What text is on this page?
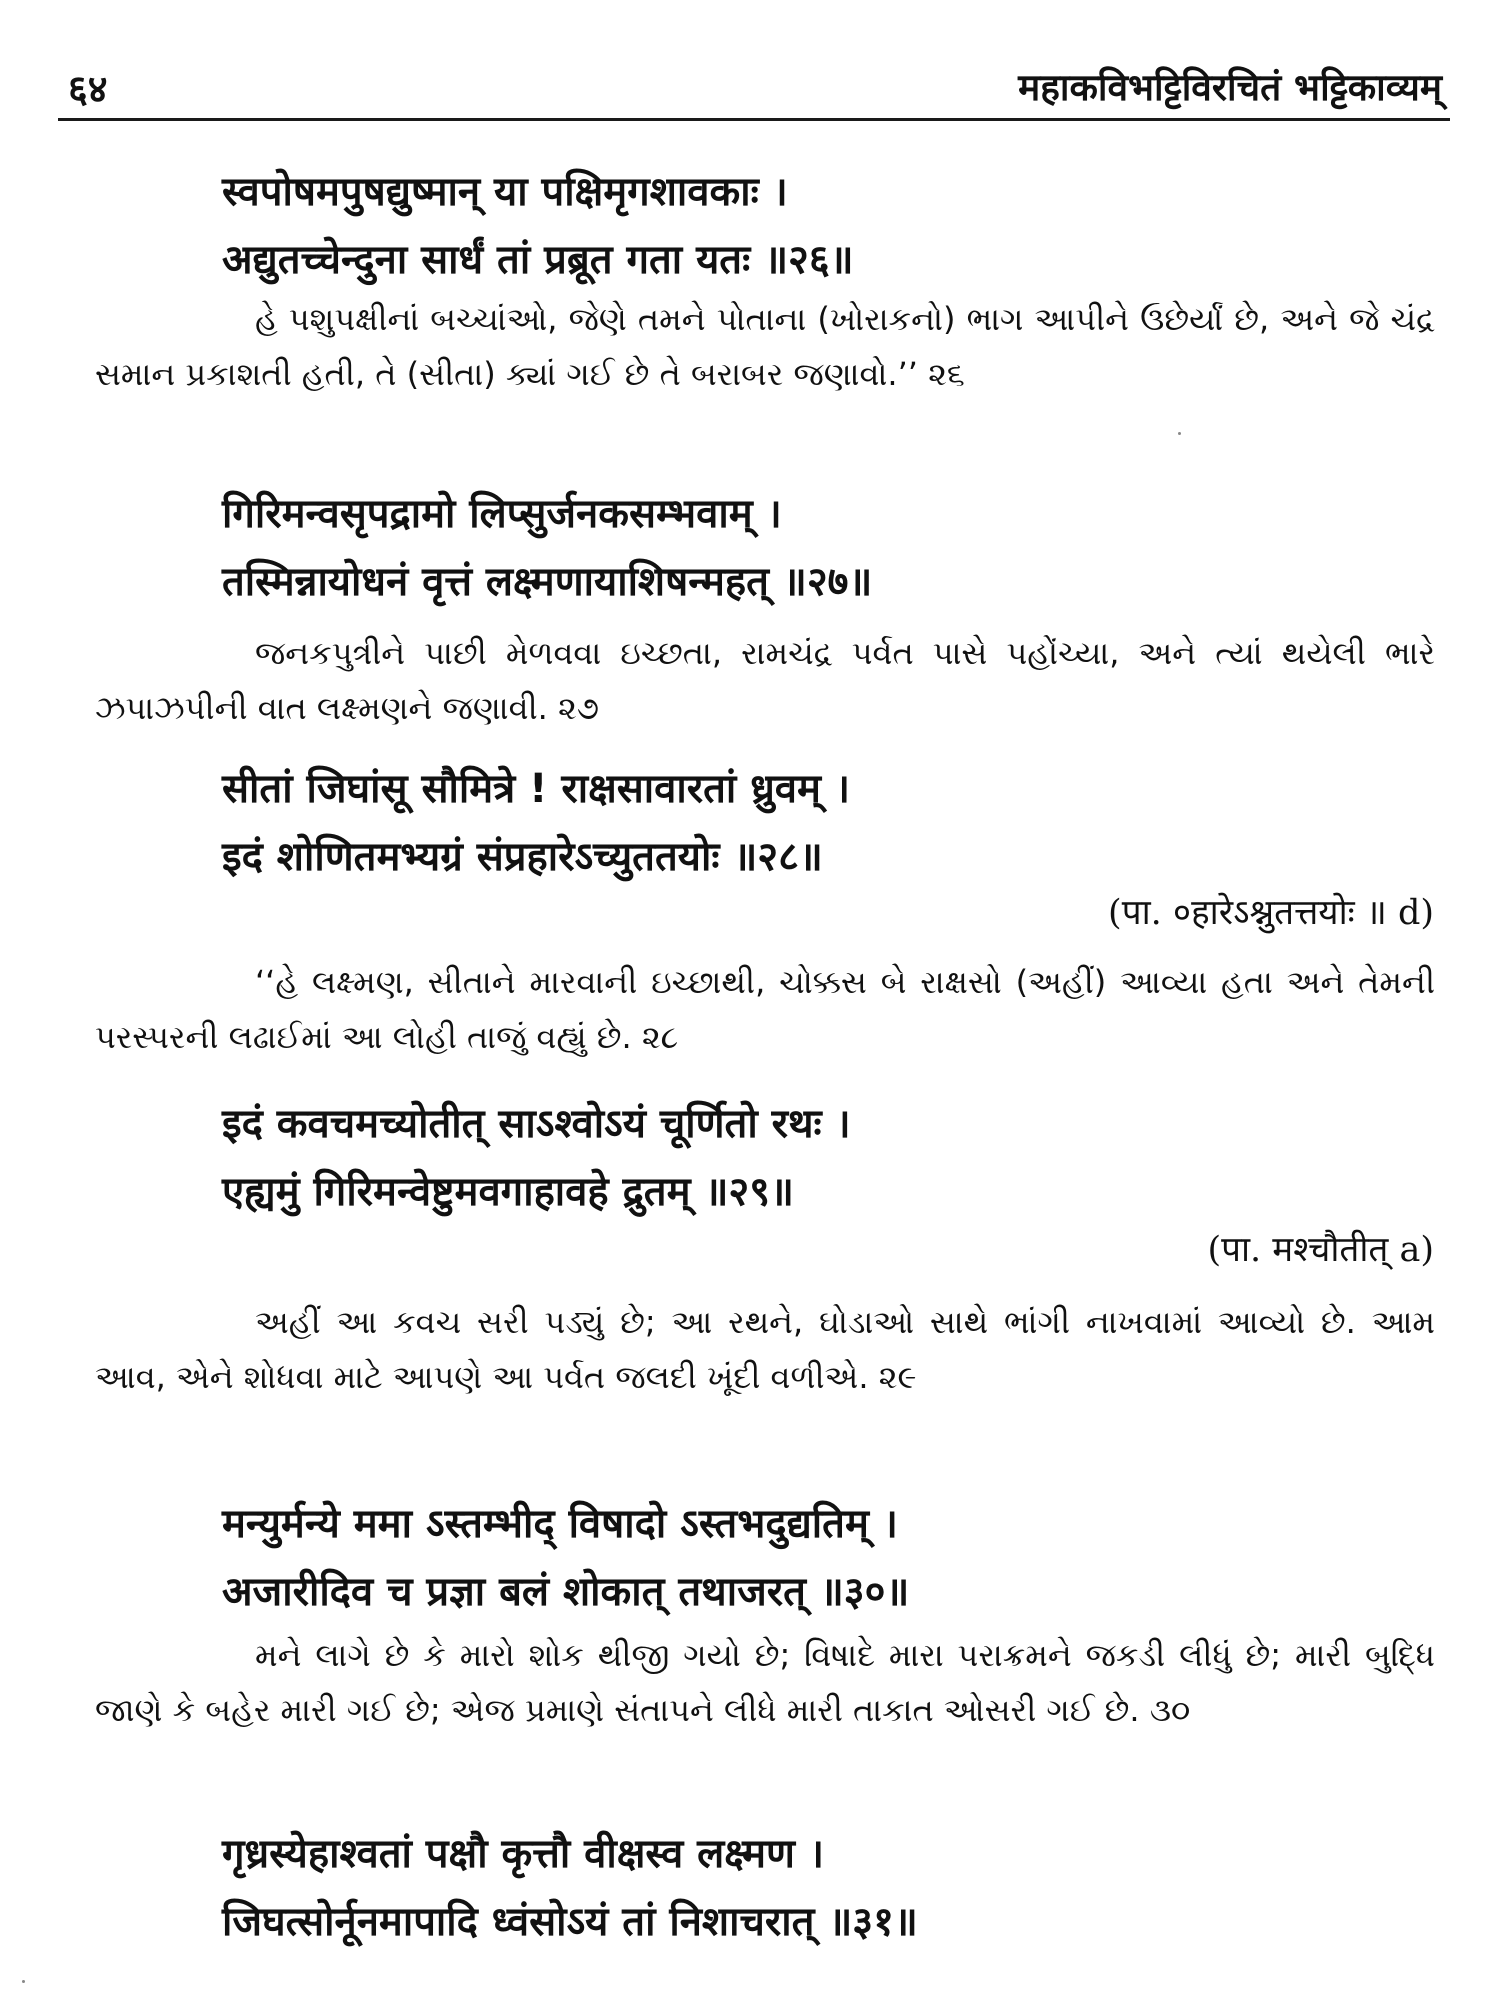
६४	महाकविभट्टिविरचितं भट्टिकाव्यम्
स्वपोषमपुषद्युष्मान् या पक्षिमृगशावकाः ।
अद्युतच्चेन्दुना सार्धं तां प्रब्रूत गता यतः ॥२६॥
હે પશુપક્ષીનાં બચ્ચાંઓ, જેણે તમને પોતાના (ખોરાકનો) ભાગ આપીને ઉછેર્યાં છે, અને જે ચંદ્ર સમાન પ્રકાશતી હતી, તે (સીતા) ક્યાં ગઈ છે તે બરાબર જણાવો.’’ ૨૬
गिरिमन्वसृपद्रामो लिप्सुर्जनकसम्भवाम् ।
तस्मिन्नायोधनं वृत्तं लक्ष्मणायाशिषन्महत् ॥२७॥
જનકપુત્રીને પાછી મેળવવા ઇચ્છતા, રામચંદ્ર પર્વત પાસે પહોંચ્યા, અને ત્યાં થયેલી ભારે ઝપાઝપીની વાત લક્ષ્મણને જણાવી. ૨૭
सीतां जिघांसू सौमित्रे ! राक्षसावारतां ध्रुवम् ।
इदं शोणितमभ्यग्रं संप्रहारेऽच्युततयोः ॥२८॥
(पा. ०हारेऽश्नुतत्तयोः ॥ d)
‘‘હે લક્ષ્મણ, સીતાને મારવાની ઇચ્છાથી, ચોક્કસ બે રાક્ષસો (અહીં) આવ્યા હતા અને તેમની પરસ્પરની લઢાઈમાં આ લોહી તાજું વહ્યું છે. ૨૮
इदं कवचमच्योतीत् साऽश्वोऽयं चूर्णितो रथः ।
एह्यमुं गिरिमन्वेष्टुमवगाहावहे द्रुतम् ॥२९॥
(पा. मश्चौतीत् a)
અહીં આ કવચ સરી પડ્યું છે; આ રથને, ઘોડાઓ સાથે ભાંગી નાખવામાં આવ્યો છે. આમ આવ, એને શોધવા માટે આપણે આ પર્વત જલદી ખૂંદી વળીએ. ૨૯
मन्युर्मन्ये ममा ऽस्तम्भीद् विषादो ऽस्तभदुद्यतिम् ।
अजारीदिव च प्रज्ञा बलं शोकात् तथाजरत् ॥३०॥
મને લાગે છે કે મારો શોક થીજી ગયો છે; વિષાદે મારા પરાક્રમને જકડી લીધું છે; મારી બુદ્ધિ જાણે કે બહેર મારી ગઈ છે; એજ પ્રમાણે સંતાપને લીધે મારી તાકાત ઓસરી ગઈ છે. ૩૦
गृध्रस्येहाश्वतां पक्षौ कृत्तौ वीक्षस्व लक्ष्मण ।
जिघत्सोर्नूनमापादि ध्वंसोऽयं तां निशाचरात् ॥३१॥
